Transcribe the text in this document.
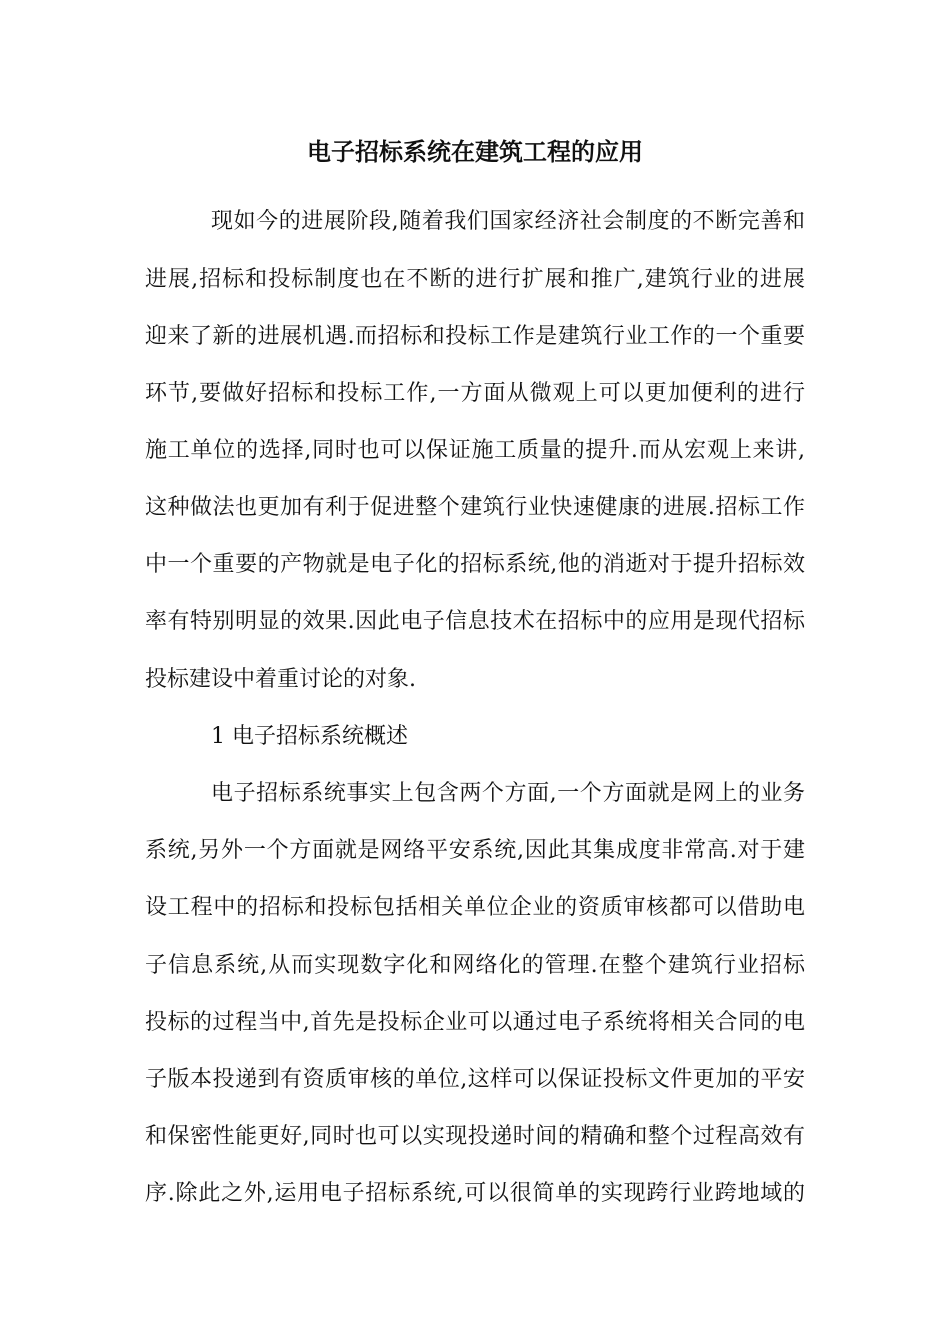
电子招标系统在建筑工程的应用
现如今的进展阶段,随着我们国家经济社会制度的不断完善和
进展,招标和投标制度也在不断的进行扩展和推广,建筑行业的进展
迎来了新的进展机遇.而招标和投标工作是建筑行业工作的一个重要
环节,要做好招标和投标工作,一方面从微观上可以更加便利的进行
施工单位的选择,同时也可以保证施工质量的提升.而从宏观上来讲,
这种做法也更加有利于促进整个建筑行业快速健康的进展.招标工作
中一个重要的产物就是电子化的招标系统,他的消逝对于提升招标效
率有特别明显的效果.因此电子信息技术在招标中的应用是现代招标
投标建设中着重讨论的对象.
1 电子招标系统概述
电子招标系统事实上包含两个方面,一个方面就是网上的业务
系统,另外一个方面就是网络平安系统,因此其集成度非常高.对于建
设工程中的招标和投标包括相关单位企业的资质审核都可以借助电
子信息系统,从而实现数字化和网络化的管理.在整个建筑行业招标
投标的过程当中,首先是投标企业可以通过电子系统将相关合同的电
子版本投递到有资质审核的单位,这样可以保证投标文件更加的平安
和保密性能更好,同时也可以实现投递时间的精确和整个过程高效有
序.除此之外,运用电子招标系统,可以很简单的实现跨行业跨地域的
